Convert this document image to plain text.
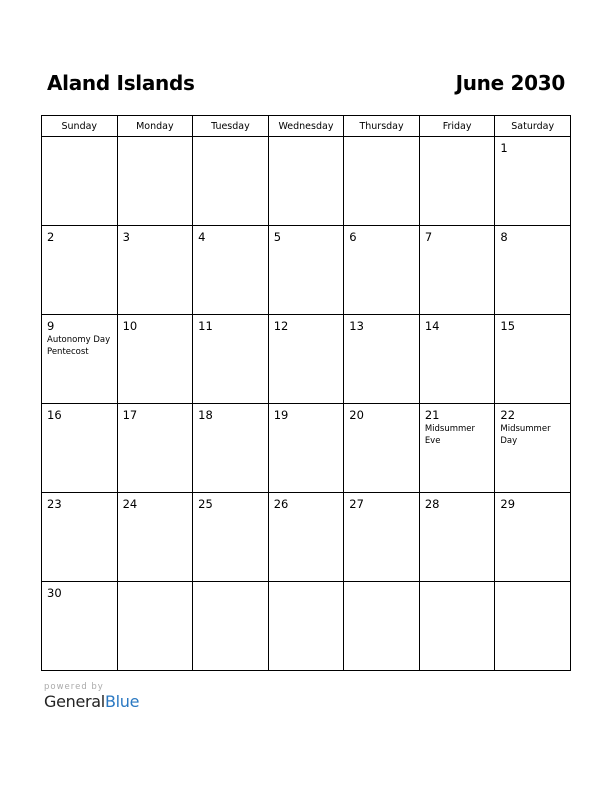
Aland Islands	June 2030
Sunday	Monday	Tuesday	Wednesday	Thursday	Friday	Saturday

						1

2	3	4	5	6	7	8

9
Autonomy Day
Pentecost	10	11	12	13	14	15

16	17	18	19	20	21
Midsummer
Eve	22
Midsummer
Day

23	24	25	26	27	28	29

30						

powered by
GeneralBlue
